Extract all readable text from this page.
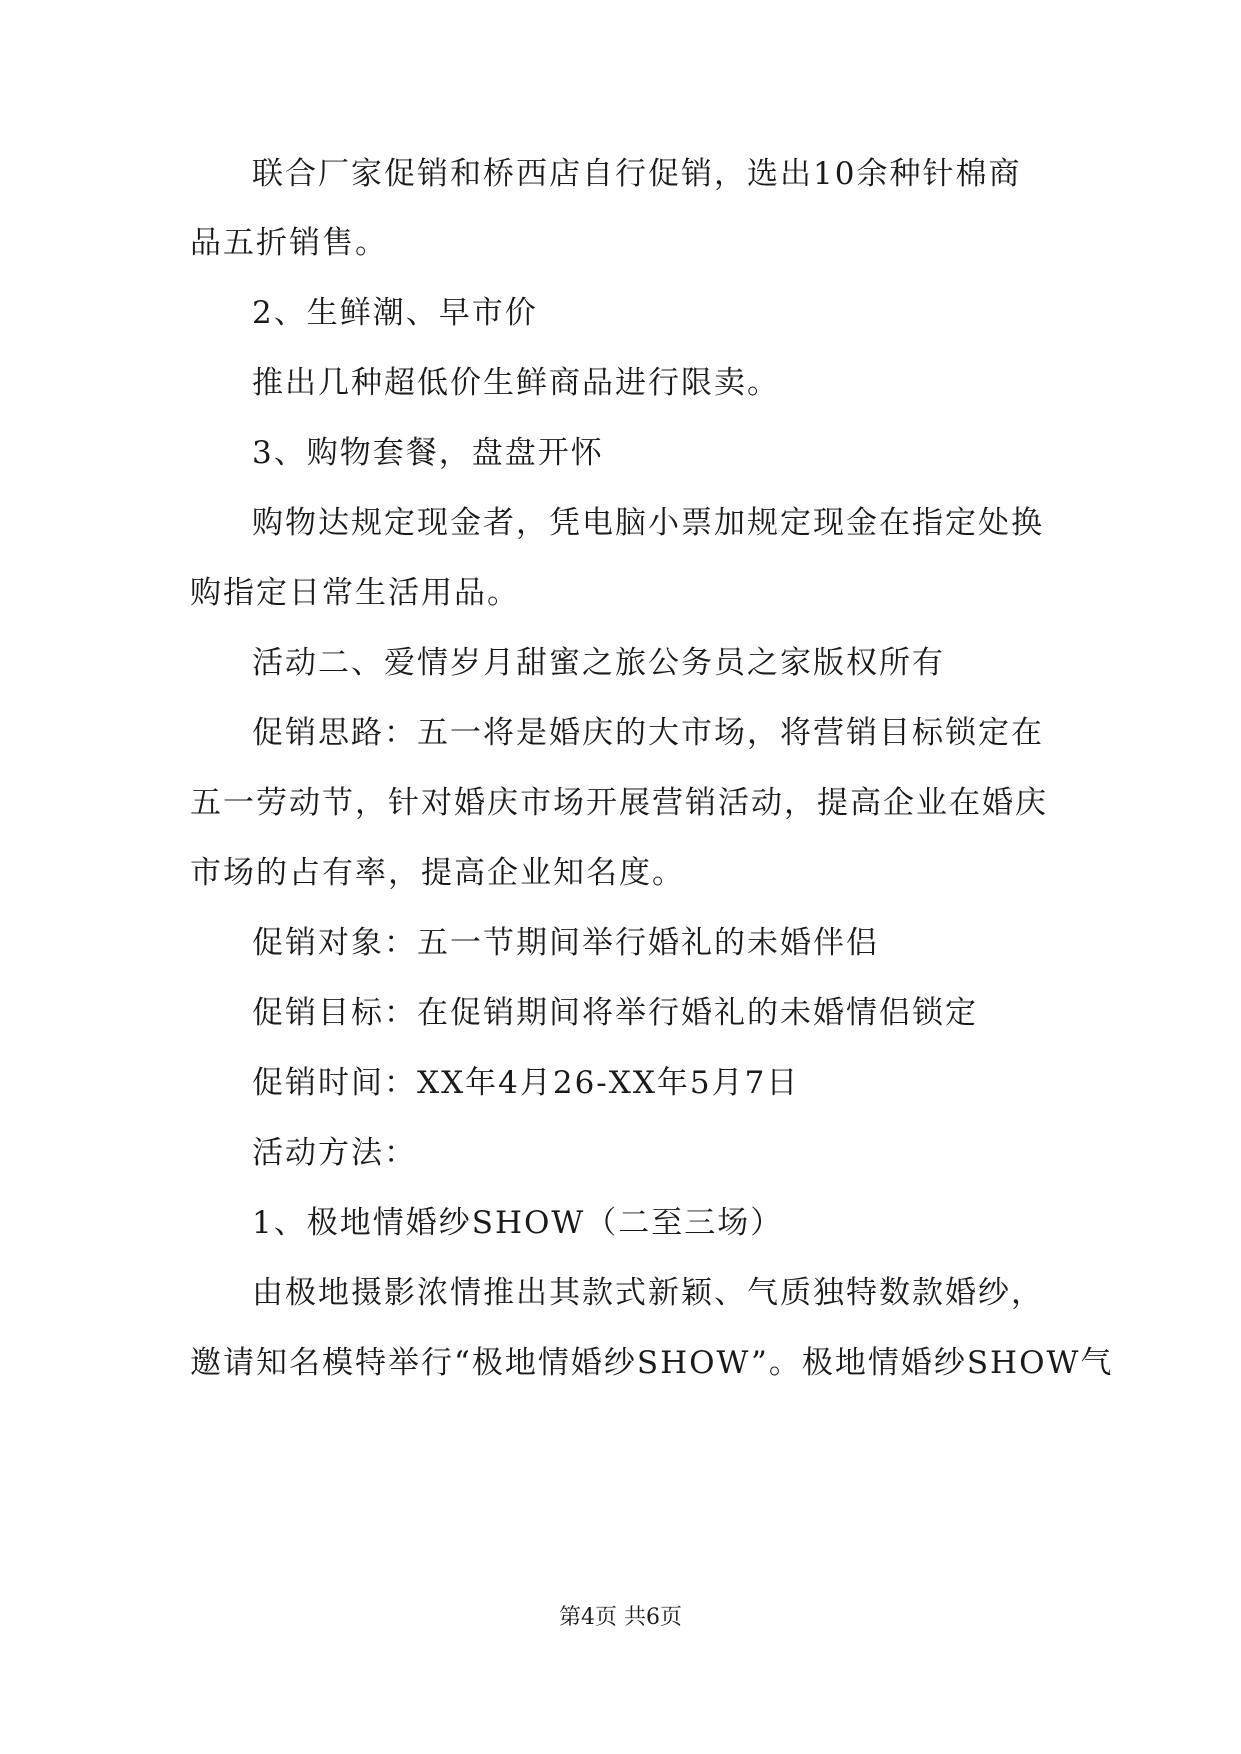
联合厂家促销和桥西店自行促销，选出10余种针棉商
品五折销售。
2、生鲜潮、早市价
推出几种超低价生鲜商品进行限卖。
3、购物套餐，盘盘开怀
购物达规定现金者，凭电脑小票加规定现金在指定处换
购指定日常生活用品。
活动二、爱情岁月甜蜜之旅公务员之家版权所有
促销思路：五一将是婚庆的大市场，将营销目标锁定在
五一劳动节，针对婚庆市场开展营销活动，提高企业在婚庆
市场的占有率，提高企业知名度。
促销对象：五一节期间举行婚礼的未婚伴侣
促销目标：在促销期间将举行婚礼的未婚情侣锁定
促销时间：XX年4月26-XX年5月7日
活动方法：
1、极地情婚纱SHOW（二至三场）
由极地摄影浓情推出其款式新颖、气质独特数款婚纱，
邀请知名模特举行“极地情婚纱SHOW”。极地情婚纱SHOW气
第4页 共6页
